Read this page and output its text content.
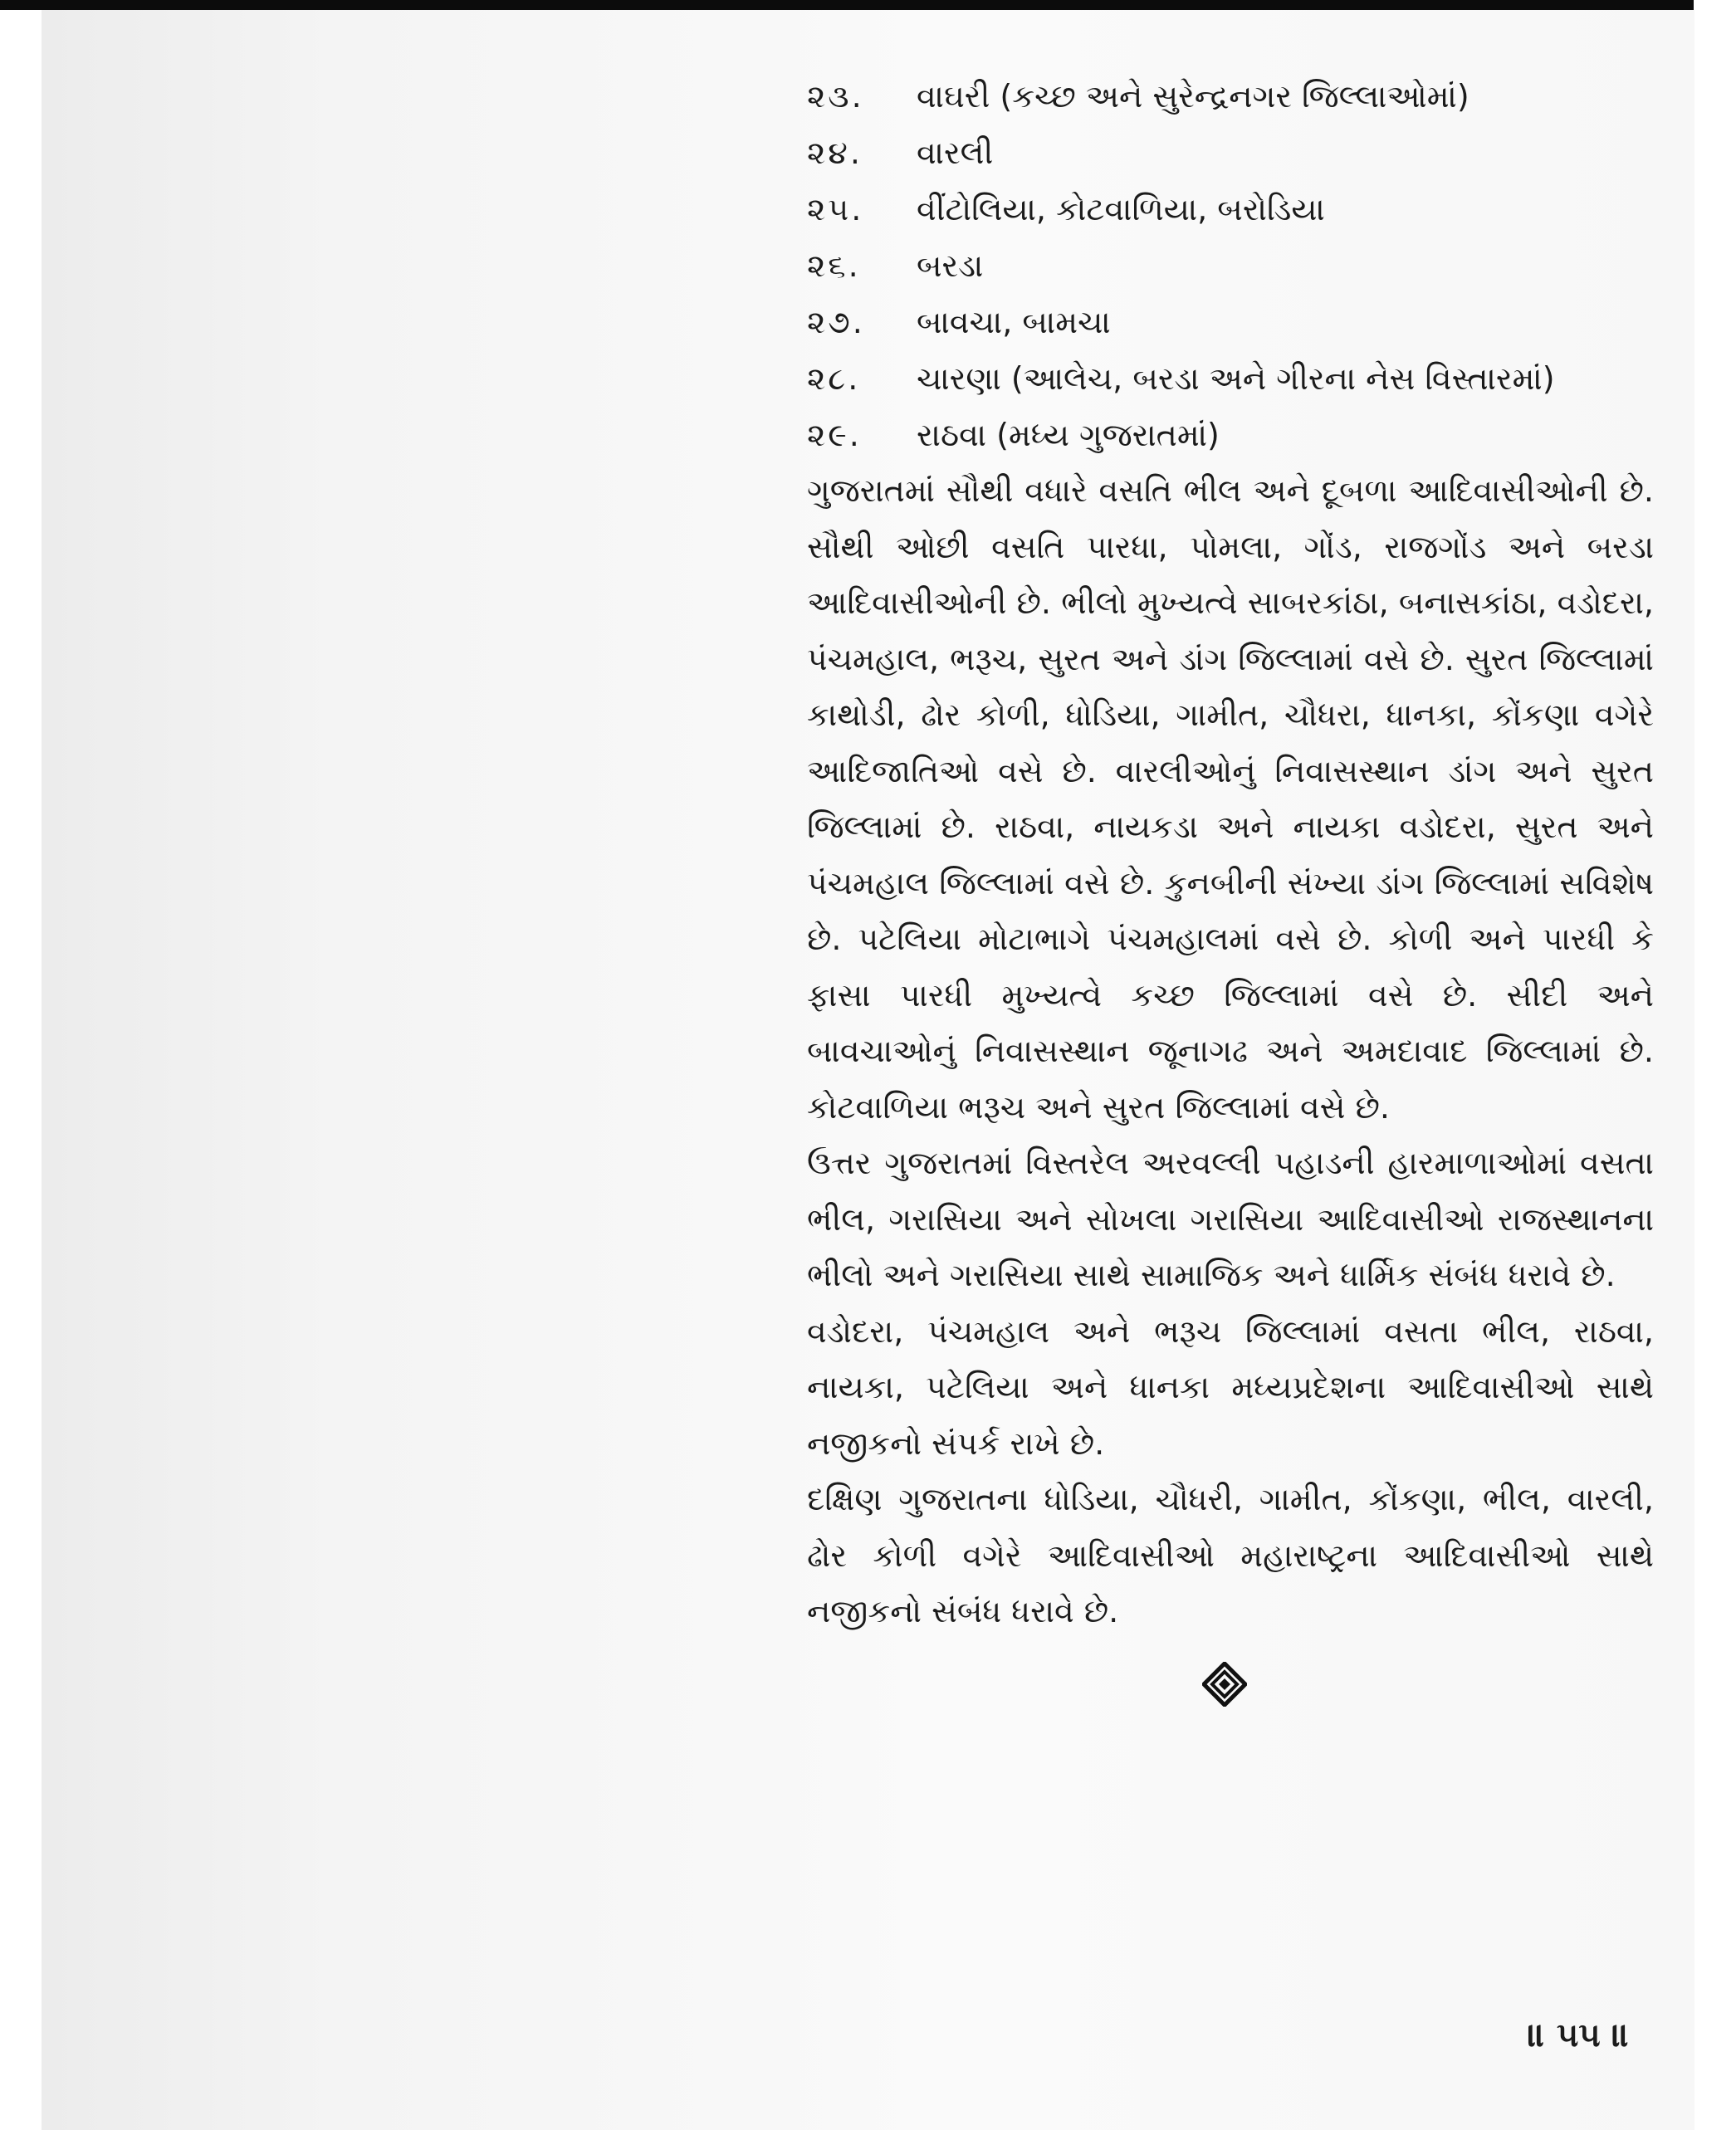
૨૩.	વાઘરી (કચ્છ અને સુરેન્દ્રનગર જિલ્લાઓમાં)
૨૪.	વારલી
૨૫.	વીંટોલિયા, કોટવાળિયા, બરોડિયા
૨૬.	બરડા
૨૭.	બાવચા, બામચા
૨૮.	ચારણા (આલેચ, બરડા અને ગીરના નેસ વિસ્તારમાં)
૨૯.	રાઠવા (મધ્ય ગુજરાતમાં)

ગુજરાતમાં સૌથી વધારે વસતિ ભીલ અને દૂબળા આદિવાસીઓની છે. સૌથી ઓછી વસતિ પારધા, પોમલા, ગોંડ, રાજગોંડ અને બરડા આદિવાસીઓની છે. ભીલો મુખ્યત્વે સાબરકાંઠા, બનાસકાંઠા, વડોદરા, પંચમહાલ, ભરૂચ, સુરત અને ડાંગ જિલ્લામાં વસે છે. સુરત જિલ્લામાં કાથોડી, ઢોર કોળી, ધોડિયા, ગામીત, ચૌધરા, ધાનકા, કોંકણા વગેરે આદિજાતિઓ વસે છે. વારલીઓનું નિવાસસ્થાન ડાંગ અને સુરત જિલ્લામાં છે. રાઠવા, નાયકડા અને નાયકા વડોદરા, સુરત અને પંચમહાલ જિલ્લામાં વસે છે. કુનબીની સંખ્યા ડાંગ જિલ્લામાં સવિશેષ છે. પટેલિયા મોટાભાગે પંચમહાલમાં વસે છે. કોળી અને પારધી કે ફાસા પારધી મુખ્યત્વે કચ્છ જિલ્લામાં વસે છે. સીદી અને બાવચાઓનું નિવાસસ્થાન જૂનાગઢ અને અમદાવાદ જિલ્લામાં છે. કોટવાળિયા ભરૂચ અને સુરત જિલ્લામાં વસે છે.

ઉત્તર ગુજરાતમાં વિસ્તરેલ અરવલ્લી પહાડની હારમાળાઓમાં વસતા ભીલ, ગરાસિયા અને સોખલા ગરાસિયા આદિવાસીઓ રાજસ્થાનના ભીલો અને ગરાસિયા સાથે સામાજિક અને ધાર્મિક સંબંધ ધરાવે છે.

વડોદરા, પંચમહાલ અને ભરૂચ જિલ્લામાં વસતા ભીલ, રાઠવા, નાયકા, પટેલિયા અને ધાનકા મધ્યપ્રદેશના આદિવાસીઓ સાથે નજીકનો સંપર્ક રાખે છે.

દક્ષિણ ગુજરાતના ધોડિયા, ચૌધરી, ગામીત, કોંકણા, ભીલ, વારલી, ઢોર કોળી વગેરે આદિવાસીઓ મહારાષ્ટ્રના આદિવાસીઓ સાથે નજીકનો સંબંધ ધરાવે છે.

॥ ૫૫ ॥
